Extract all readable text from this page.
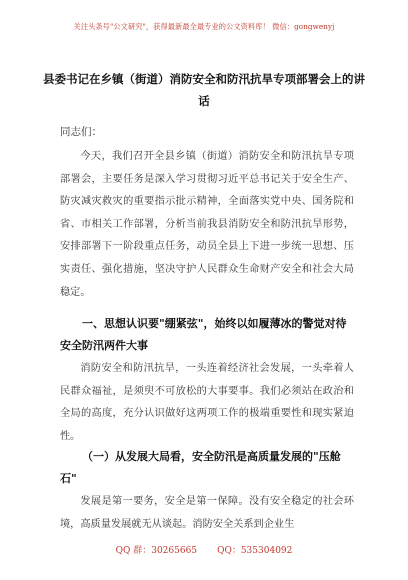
关注头条号"公文研究"，获得最新最全最专业的公文资料库！ 微信：gongwenyj
县委书记在乡镇（街道）消防安全和防汛抗旱专项部署会上的讲话
同志们：

今天，我们召开全县乡镇（街道）消防安全和防汛抗旱专项部署会，主要任务是深入学习贯彻习近平总书记关于安全生产、防灾减灾救灾的重要指示批示精神，全面落实党中央、国务院和省、市相关工作部署，分析当前我县消防安全和防汛抗旱形势，安排部署下一阶段重点任务，动员全县上下进一步统一思想、压实责任、强化措施，坚决守护人民群众生命财产安全和社会大局稳定。

一、思想认识要"绷紧弦"，始终以如履薄冰的警觉对待安全防汛两件大事

消防安全和防汛抗旱，一头连着经济社会发展，一头牵着人民群众福祉，是须臾不可放松的大事要事。我们必须站在政治和全局的高度，充分认识做好这两项工作的极端重要性和现实紧迫性。

（一）从发展大局看，安全防汛是高质量发展的"压舱石"

发展是第一要务，安全是第一保障。没有安全稳定的社会环境，高质量发展就无从谈起。消防安全关系到企业生

QQ 群：30265665 QQ：535304092
